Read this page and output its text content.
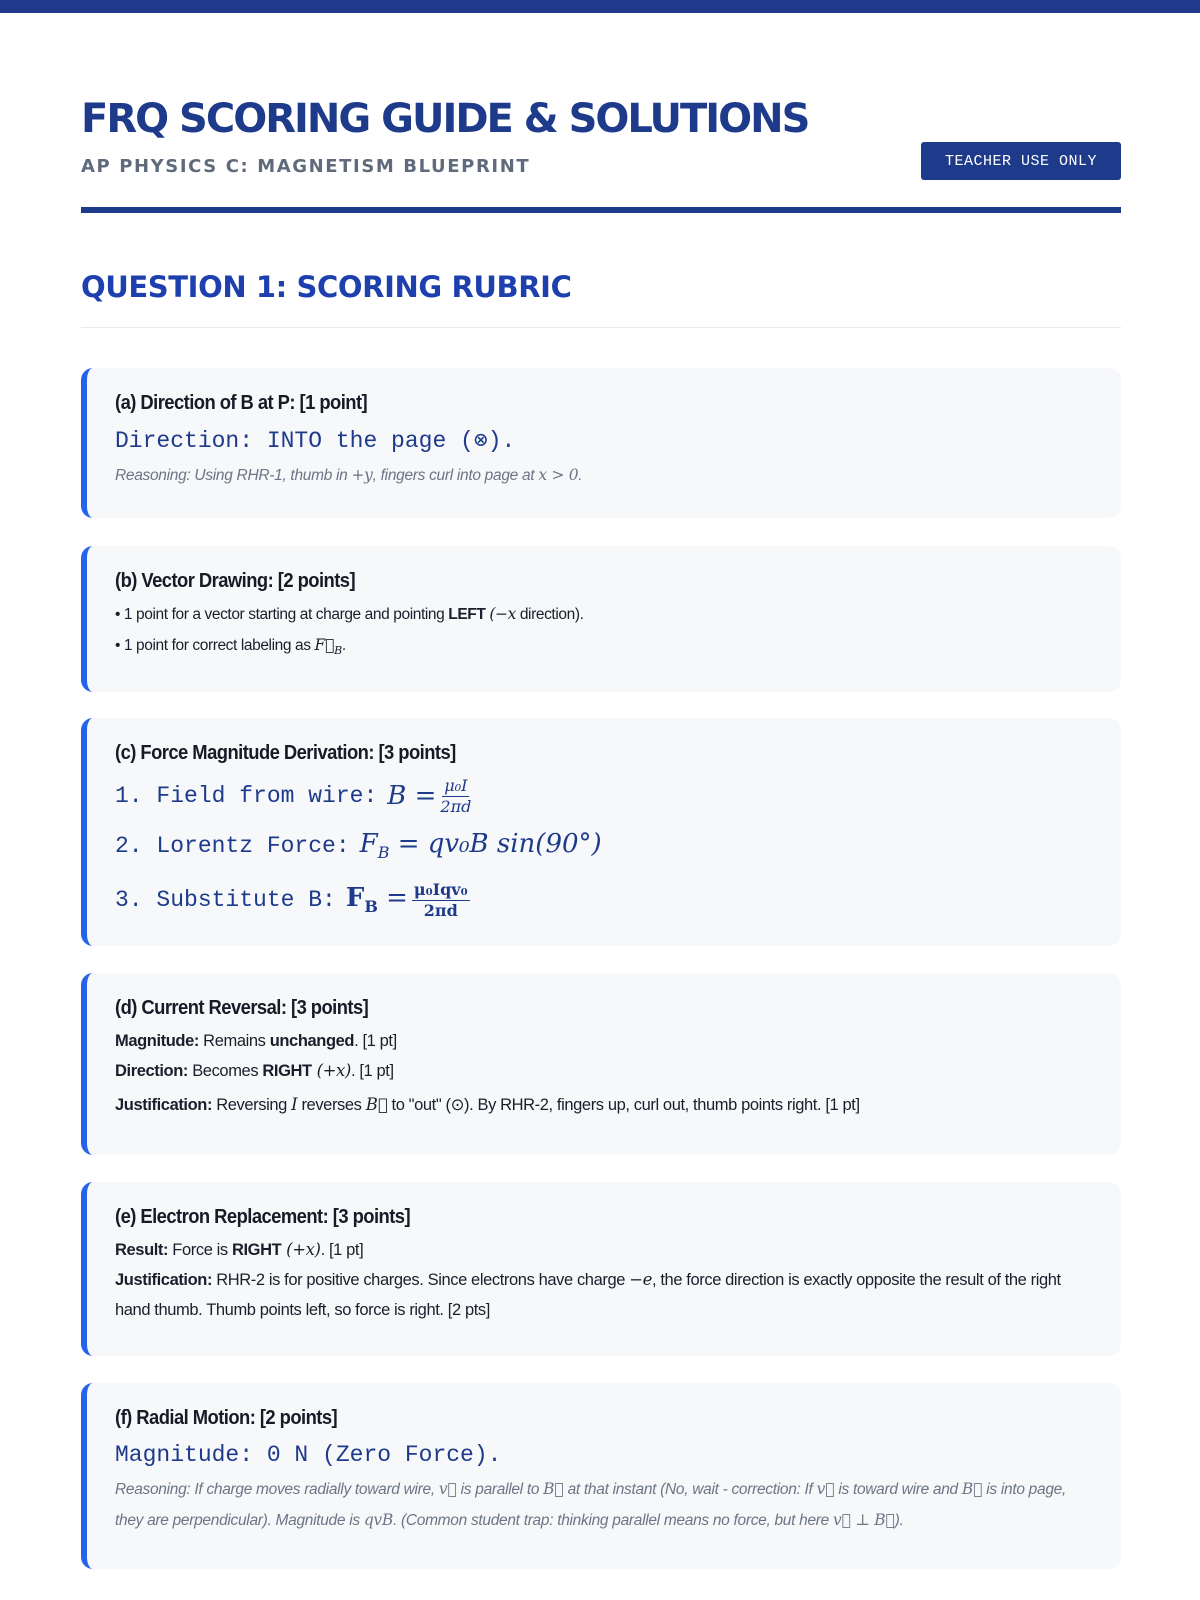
FRQ SCORING GUIDE & SOLUTIONS
AP PHYSICS C: MAGNETISM BLUEPRINT	TEACHER USE ONLY
QUESTION 1: SCORING RUBRIC
(a) Direction of B at P: [1 point]
Direction: INTO the page (⊗).
Reasoning: Using RHR-1, thumb in +y, fingers curl into page at x > 0.
(b) Vector Drawing: [2 points]
• 1 point for a vector starting at charge and pointing LEFT (−x direction).
• 1 point for correct labeling as $F⃗_B$.
(c) Force Magnitude Derivation: [3 points]
1. Field from wire: $B = \frac{\text{μ₀I}}{2\pi d}$
2. Lorentz Force: $F_B = qv_0B$ sin(90°)
3. Substitute B: $F_B = \frac{\text{μ₀Iqv₀}}{2\pi d}$
(d) Current Reversal: [3 points]
Magnitude: Remains unchanged. [1 pt]
Direction: Becomes RIGHT (+x). [1 pt]
Justification: Reversing I reverses B⃗ to "out" (⊙). By RHR-2, fingers up, curl out, thumb points right. [1 pt]
(e) Electron Replacement: [3 points]
Result: Force is RIGHT (+x). [1 pt]
Justification: RHR-2 is for positive charges. Since electrons have charge −e, the force direction is exactly opposite the result of the right hand thumb. Thumb points left, so force is right. [2 pts]
(f) Radial Motion: [2 points]
Magnitude: 0 N (Zero Force).
Reasoning: If charge moves radially toward wire, v⃗ is parallel to B⃗ at that instant (No, wait - correction: If v⃗ is toward wire and B⃗ is into page, they are perpendicular). Magnitude is qvB. (Common student trap: thinking parallel means no force, but here v⃗ ⊥ B⃗).
